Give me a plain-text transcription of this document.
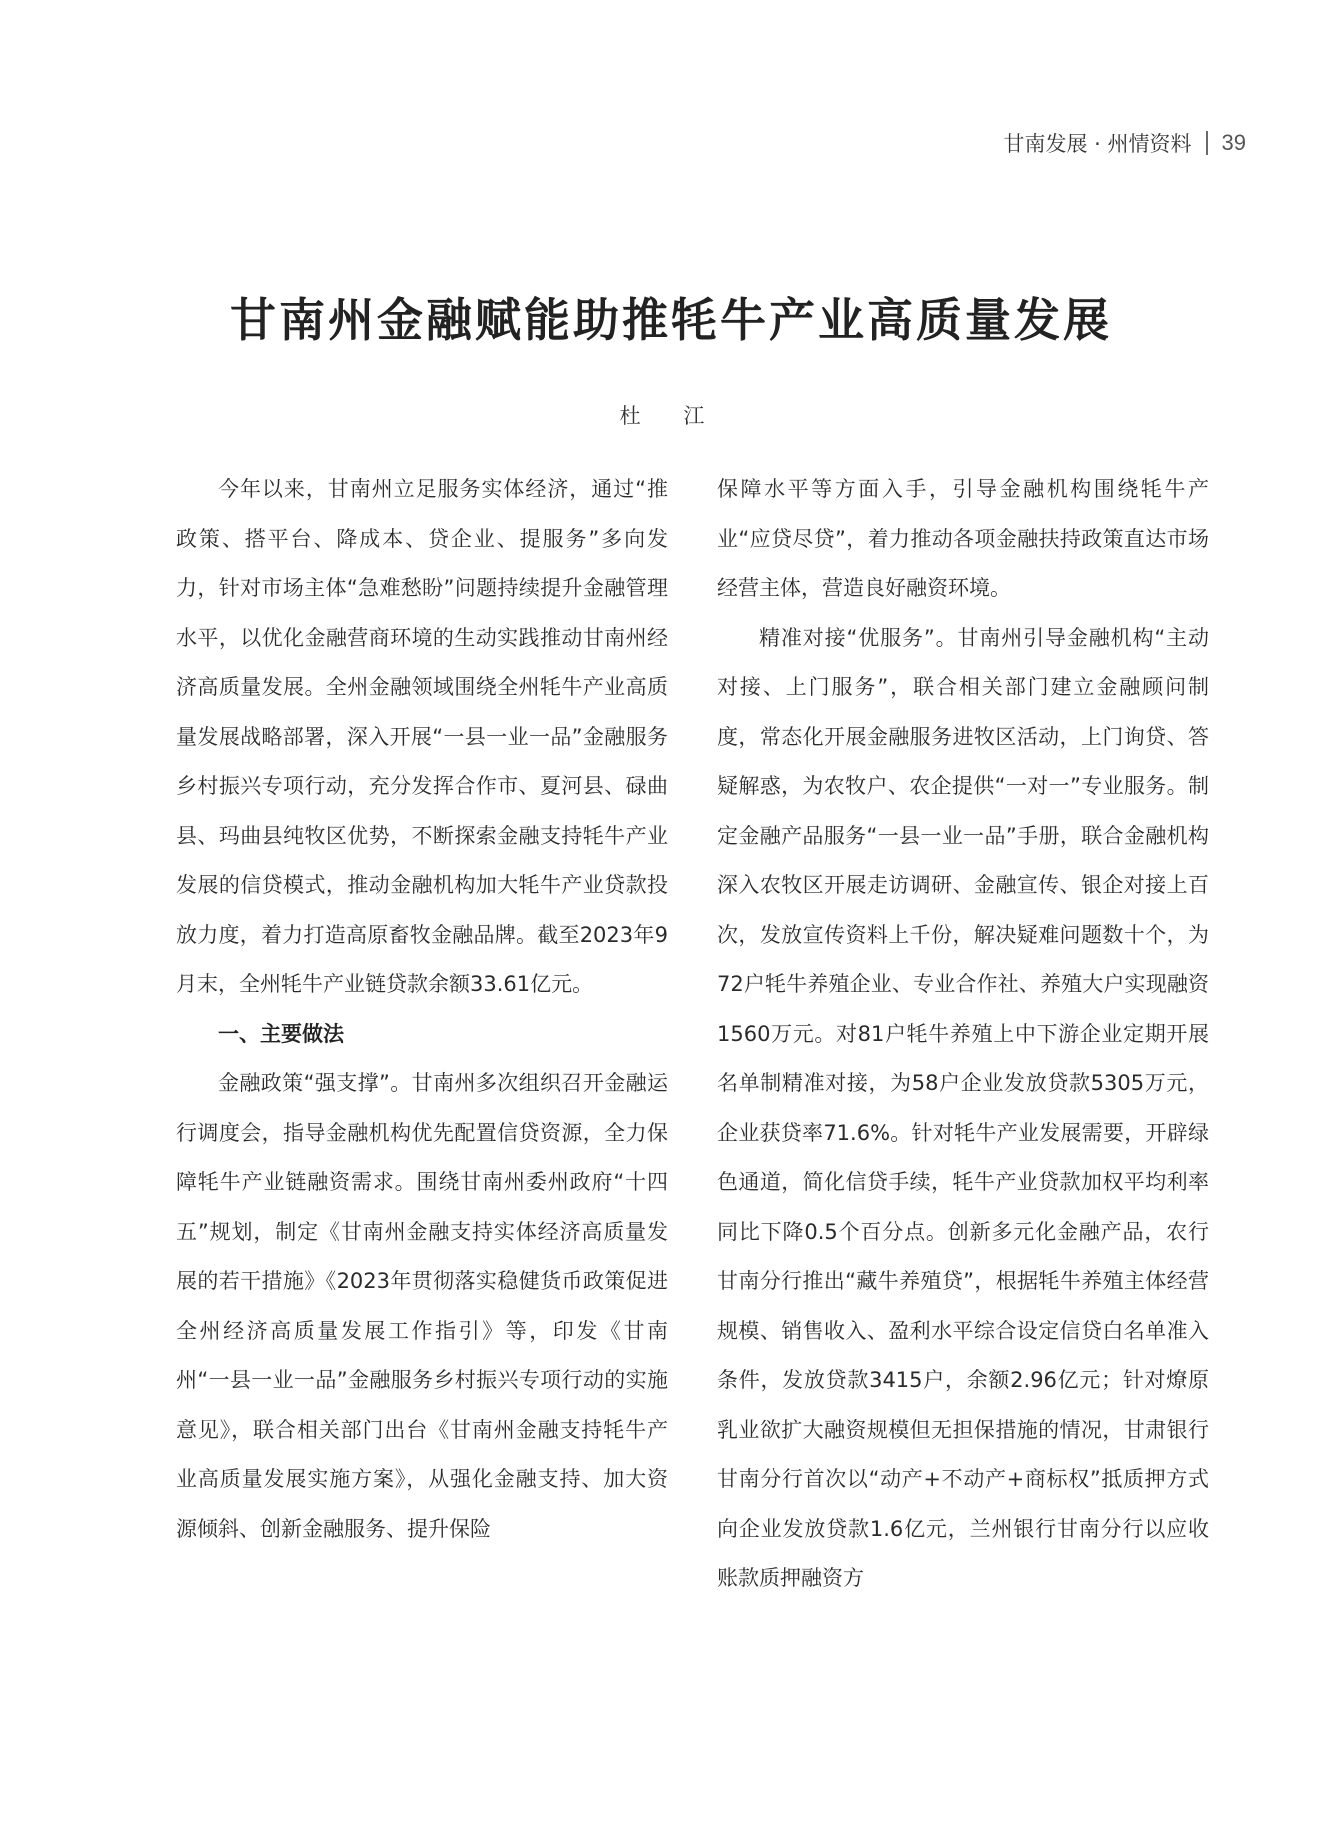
甘南发展 · 州情资料 39
甘南州金融赋能助推牦牛产业高质量发展
杜 江

今年以来，甘南州立足服务实体经济，通过“推政策、搭平台、降成本、贷企业、提服务”多向发力，针对市场主体“急难愁盼”问题持续提升金融管理水平，以优化金融营商环境的生动实践推动甘南州经济高质量发展。全州金融领域围绕全州牦牛产业高质量发展战略部署，深入开展“一县一业一品”金融服务乡村振兴专项行动，充分发挥合作市、夏河县、碌曲县、玛曲县纯牧区优势，不断探索金融支持牦牛产业发展的信贷模式，推动金融机构加大牦牛产业贷款投放力度，着力打造高原畜牧金融品牌。截至2023年9月末，全州牦牛产业链贷款余额33.61亿元。

一、主要做法

金融政策“强支撑”。甘南州多次组织召开金融运行调度会，指导金融机构优先配置信贷资源，全力保障牦牛产业链融资需求。围绕甘南州委州政府“十四五”规划，制定《甘南州金融支持实体经济高质量发展的若干措施》《2023年贯彻落实稳健货币政策促进全州经济高质量发展工作指引》等，印发《甘南州“一县一业一品”金融服务乡村振兴专项行动的实施意见》，联合相关部门出台《甘南州金融支持牦牛产业高质量发展实施方案》，从强化金融支持、加大资源倾斜、创新金融服务、提升保险

保障水平等方面入手，引导金融机构围绕牦牛产业“应贷尽贷”，着力推动各项金融扶持政策直达市场经营主体，营造良好融资环境。

精准对接“优服务”。甘南州引导金融机构“主动对接、上门服务”，联合相关部门建立金融顾问制度，常态化开展金融服务进牧区活动，上门询贷、答疑解惑，为农牧户、农企提供“一对一”专业服务。制定金融产品服务“一县一业一品”手册，联合金融机构深入农牧区开展走访调研、金融宣传、银企对接上百次，发放宣传资料上千份，解决疑难问题数十个，为72户牦牛养殖企业、专业合作社、养殖大户实现融资1560万元。对81户牦牛养殖上中下游企业定期开展名单制精准对接，为58户企业发放贷款5305万元，企业获贷率71.6%。针对牦牛产业发展需要，开辟绿色通道，简化信贷手续，牦牛产业贷款加权平均利率同比下降0.5个百分点。创新多元化金融产品，农行甘南分行推出“藏牛养殖贷”，根据牦牛养殖主体经营规模、销售收入、盈利水平综合设定信贷白名单准入条件，发放贷款3415户，余额2.96亿元；针对燎原乳业欲扩大融资规模但无担保措施的情况，甘肃银行甘南分行首次以“动产+不动产+商标权”抵质押方式向企业发放贷款1.6亿元，兰州银行甘南分行以应收账款质押融资方
